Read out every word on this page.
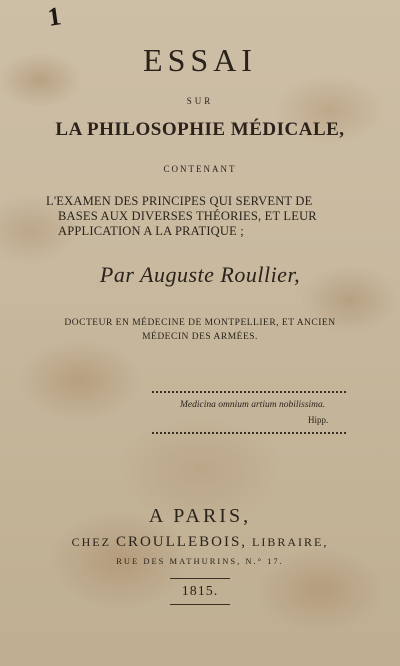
1
ESSAI
SUR
LA PHILOSOPHIE MÉDICALE,
CONTENANT
L'EXAMEN DES PRINCIPES QUI SERVENT DE
BASES AUX DIVERSES THÉORIES, ET LEUR
APPLICATION A LA PRATIQUE ;
Par Auguste Roullier,
DOCTEUR EN MÉDECINE DE MONTPELLIER, ET ANCIEN
MÉDECIN DES ARMÉES.
Medicina omnium artium nobilissima.
Hipp.
A PARIS,
CHEZ CROULLEBOIS, LIBRAIRE,
RUE DES MATHURINS, N.° 17.
1815.
